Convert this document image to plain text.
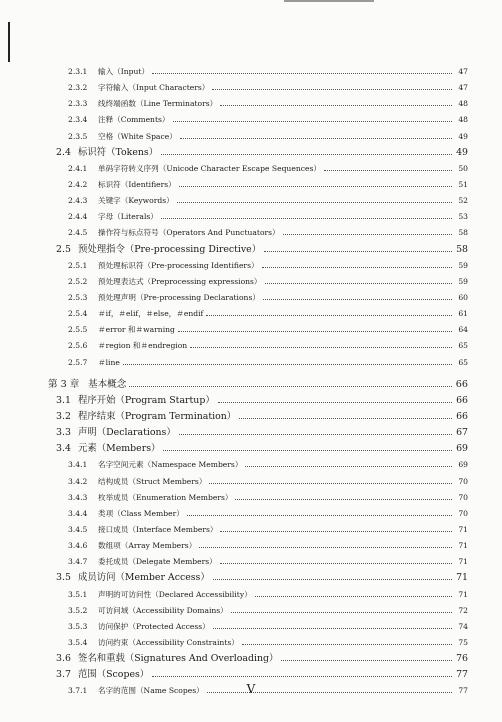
2.3.1 输入（Input）	47
2.3.2 字符输入（Input Characters）	47
2.3.3 线终端函数（Line Terminators）	48
2.3.4 注释（Comments）	48
2.3.5 空格（White Space）	49
2.4 标识符（Tokens）	49
2.4.1 单码字符转义序列（Unicode Character Escape Sequences）	50
2.4.2 标识符（Identifiers）	51
2.4.3 关键字（Keywords）	52
2.4.4 字母（Literals）	53
2.4.5 操作符与标点符号（Operators And Punctuators）	58
2.5 预处理指令（Pre-processing Directive）	58
2.5.1 预处理标识符（Pre-processing Identifiers）	59
2.5.2 预处理表达式（Preprocessing expressions）	59
2.5.3 预处理声明（Pre-processing Declarations）	60
2.5.4 ＃if，＃elif，＃else，＃endif	61
2.5.5 ＃error 和＃warning	64
2.5.6 ＃region 和＃endregion	65
2.5.7 ＃line	65
第 3 章 基本概念	66
3.1 程序开始（Program Startup）	66
3.2 程序结束（Program Termination）	66
3.3 声明（Declarations）	67
3.4 元素（Members）	69
3.4.1 名字空间元素（Namespace Members）	69
3.4.2 结构成员（Struct Members）	70
3.4.3 枚举成员（Enumeration Members）	70
3.4.4 类项（Class Member）	70
3.4.5 接口成员（Interface Members）	71
3.4.6 数组项（Array Members）	71
3.4.7 委托成员（Delegate Members）	71
3.5 成员访问（Member Access）	71
3.5.1 声明的可访问性（Declared Accessibility）	71
3.5.2 可访问域（Accessibility Domains）	72
3.5.3 访问保护（Protected Access）	74
3.5.4 访问约束（Accessibility Constraints）	75
3.6 签名和重载（Signatures And Overloading）	76
3.7 范围（Scopes）	77
3.7.1 名字的范围（Name Scopes）	77
V
